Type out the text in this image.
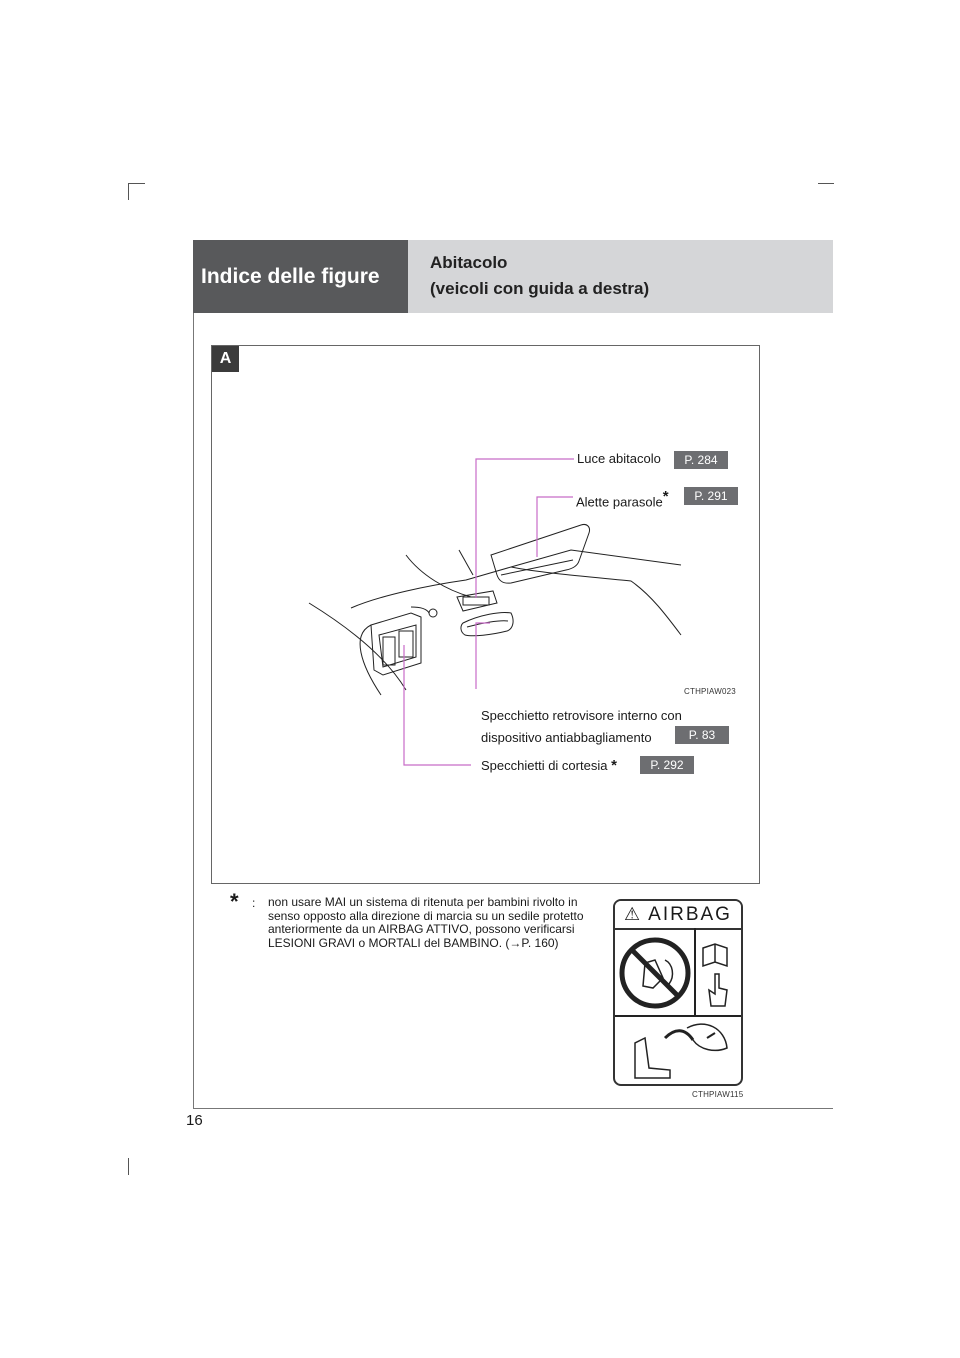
Indice delle figure
Abitacolo
(veicoli con guida a destra)
A
Luce abitacolo	P. 284
Alette parasole*	P. 291
Specchietto retrovisore interno con
dispositivo antiabbagliamento	P. 83
Specchietti di cortesia *	P. 292
CTHPIAW023
* : non usare MAI un sistema di ritenuta per bambini rivolto in senso opposto alla direzione di marcia su un sedile protetto anteriormente da un AIRBAG ATTIVO, possono verificarsi LESIONI GRAVI o MORTALI del BAMBINO. (→P. 160)
⚠ AIRBAG
CTHPIAW115
16
